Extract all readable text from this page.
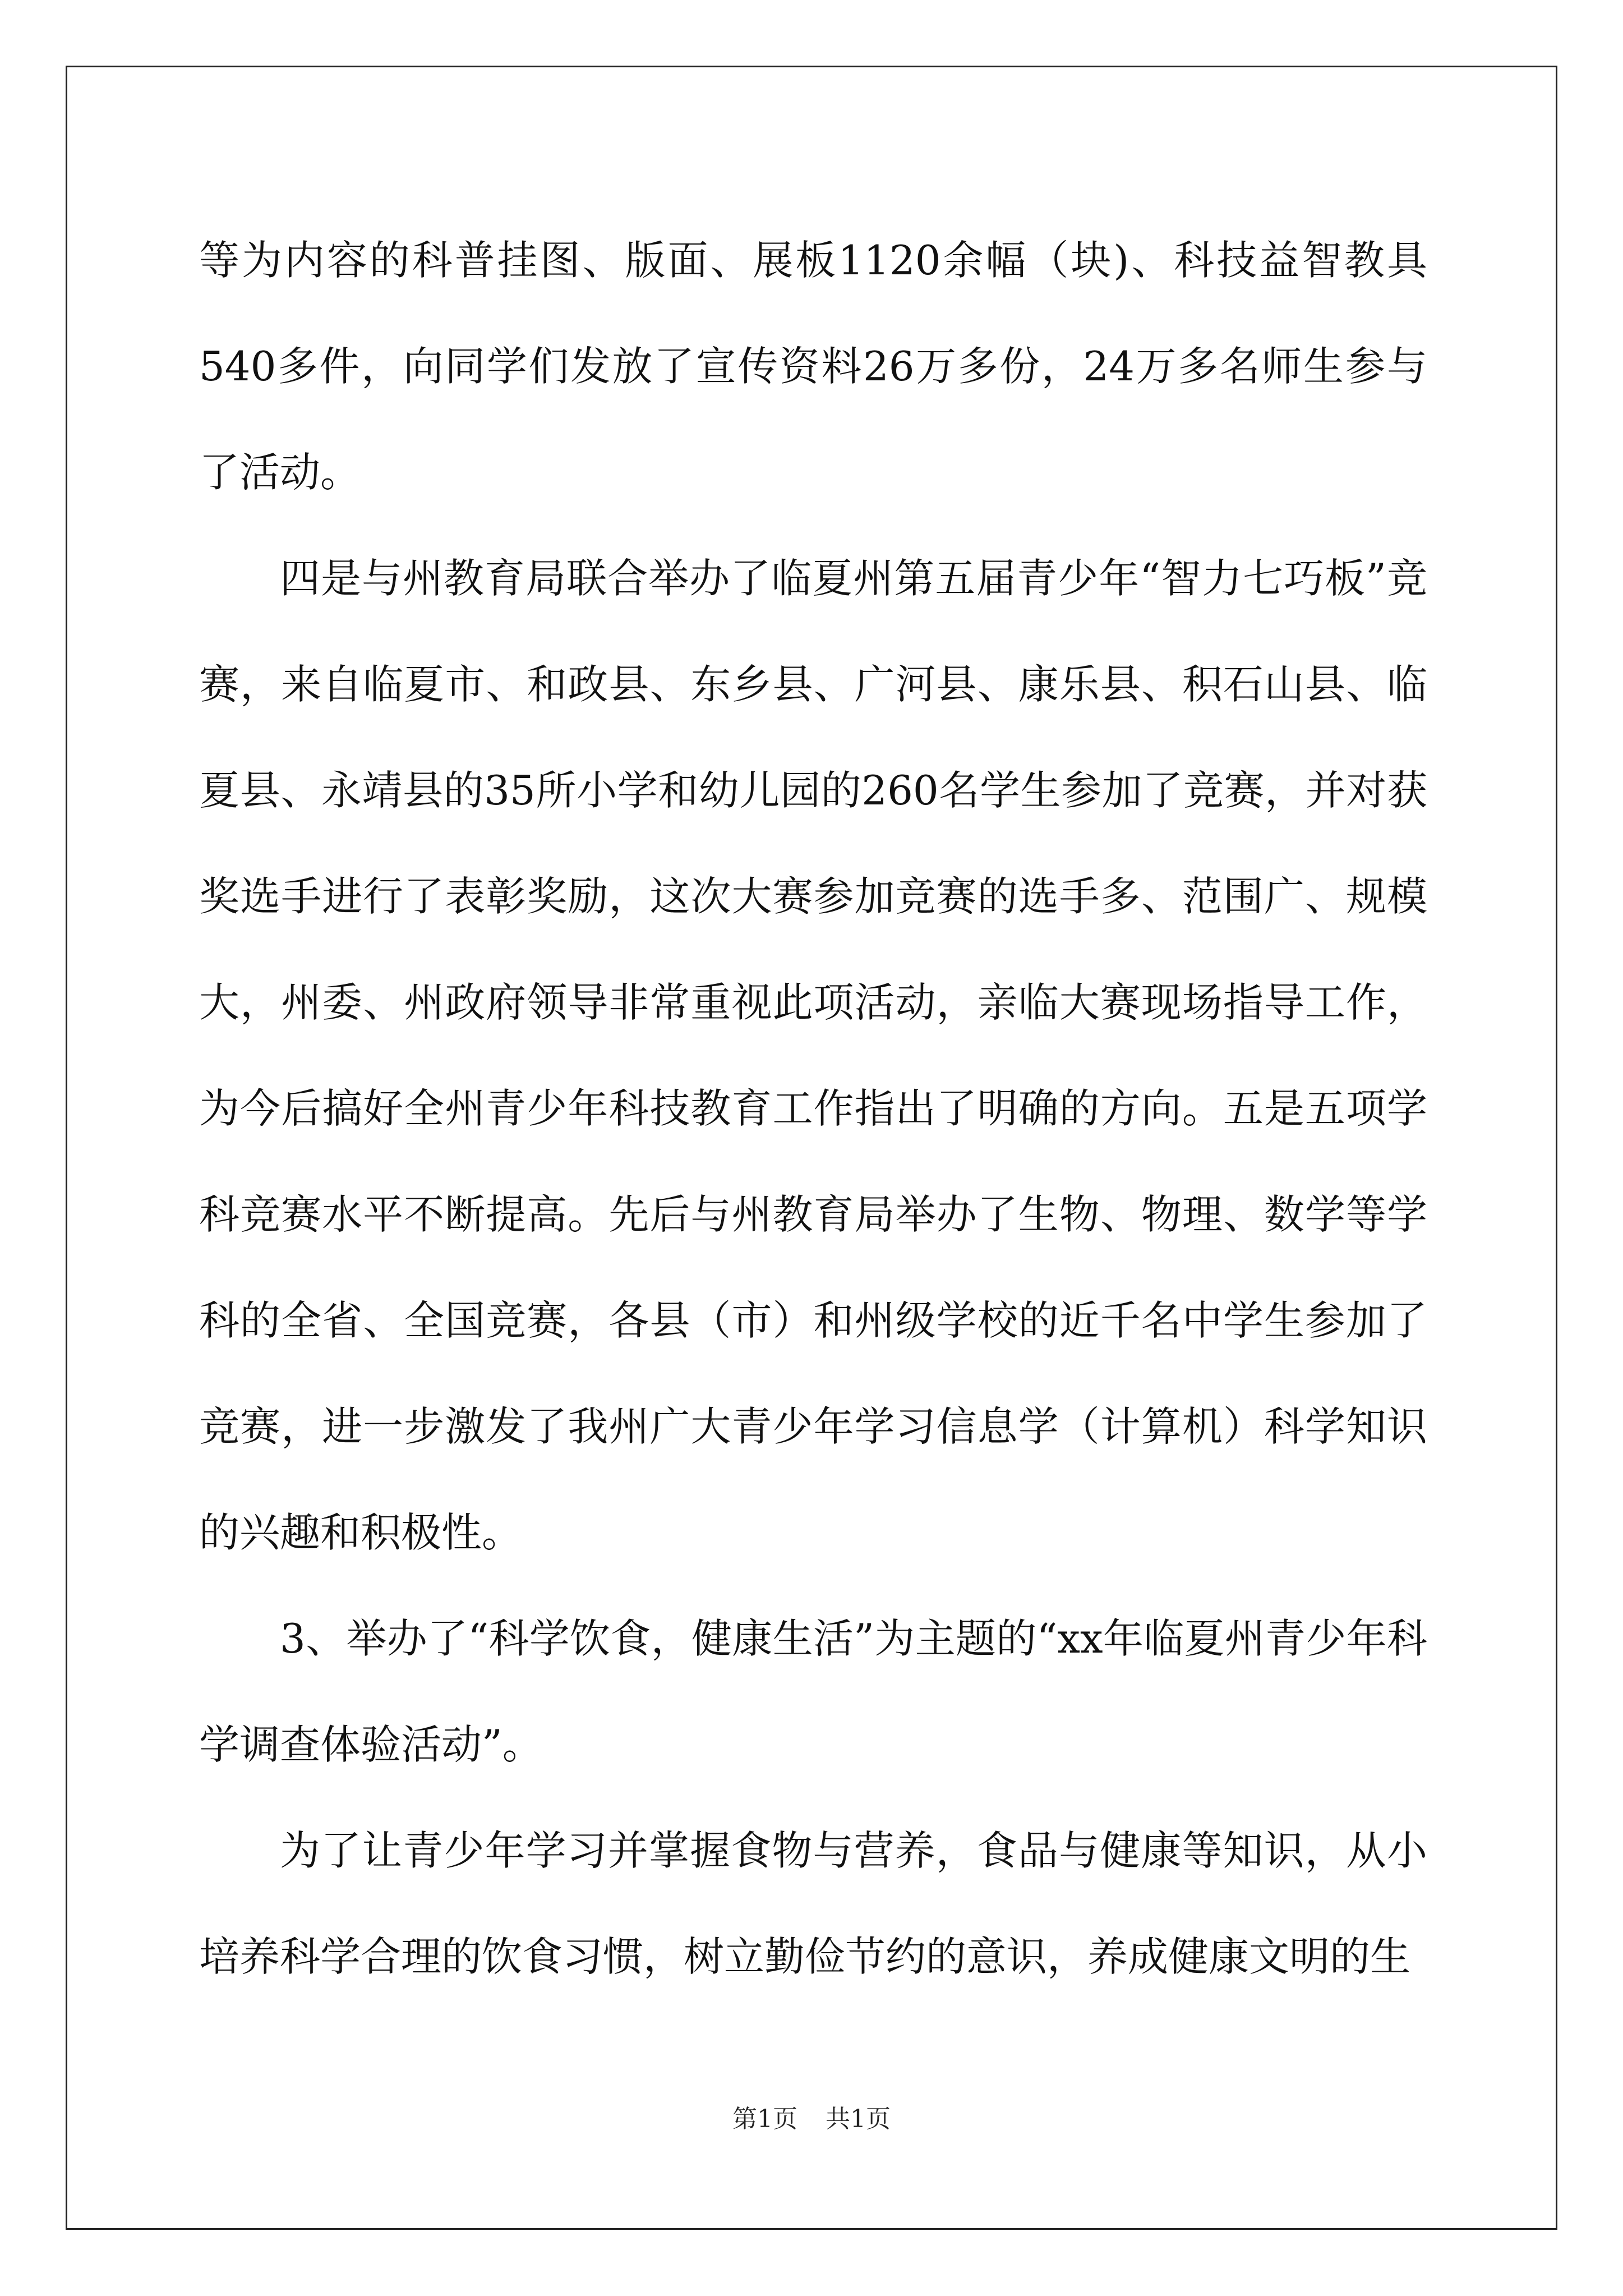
等为内容的科普挂图、版面、展板1120余幅（块)、科技益智教具540多件，向同学们发放了宣传资料26万多份，24万多名师生参与了活动。

四是与州教育局联合举办了临夏州第五届青少年“智力七巧板”竞赛，来自临夏市、和政县、东乡县、广河县、康乐县、积石山县、临夏县、永靖县的35所小学和幼儿园的260名学生参加了竞赛，并对获奖选手进行了表彰奖励，这次大赛参加竞赛的选手多、范围广、规模大，州委、州政府领导非常重视此项活动，亲临大赛现场指导工作，为今后搞好全州青少年科技教育工作指出了明确的方向。五是五项学科竞赛水平不断提高。先后与州教育局举办了生物、物理、数学等学科的全省、全国竞赛，各县（市）和州级学校的近千名中学生参加了竞赛，进一步激发了我州广大青少年学习信息学（计算机）科学知识的兴趣和积极性。

3、举办了“科学饮食，健康生活”为主题的“xx年临夏州青少年科学调查体验活动”。

为了让青少年学习并掌握食物与营养，食品与健康等知识，从小培养科学合理的饮食习惯，树立勤俭节约的意识，养成健康文明的生

第1页 共1页
